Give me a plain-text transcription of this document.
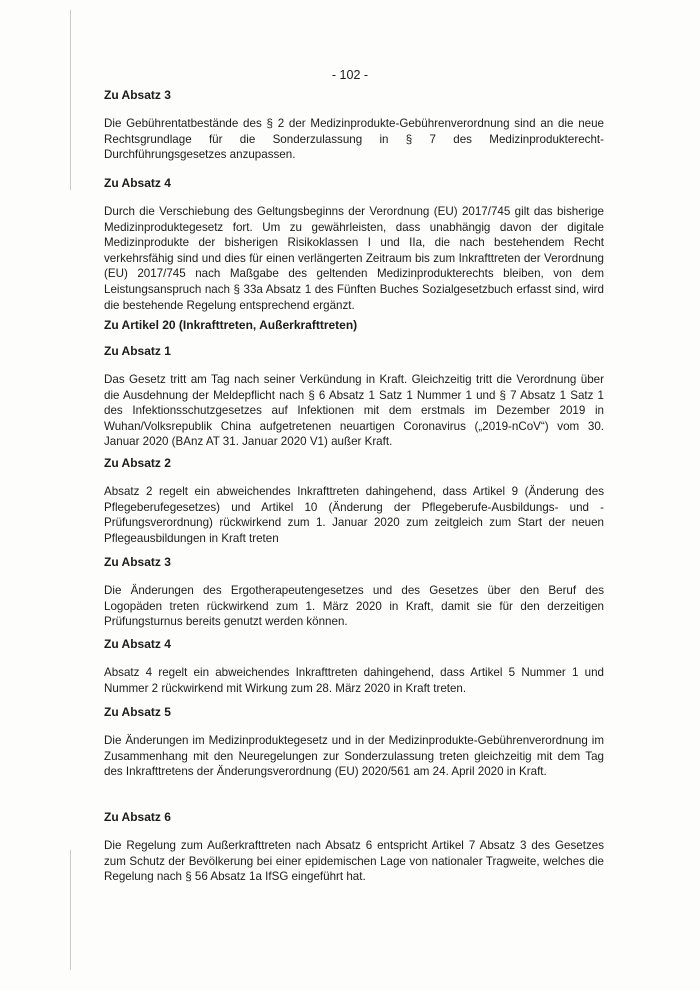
- 102 -
Zu Absatz 3

Die Gebührentatbestände des § 2 der Medizinprodukte-Gebührenverordnung sind an die neue Rechtsgrundlage für die Sonderzulassung in § 7 des Medizinprodukterecht-Durchführungsgesetzes anzupassen.

Zu Absatz 4

Durch die Verschiebung des Geltungsbeginns der Verordnung (EU) 2017/745 gilt das bisherige Medizinproduktegesetz fort. Um zu gewährleisten, dass unabhängig davon der digitale Medizinprodukte der bisherigen Risikoklassen I und IIa, die nach bestehendem Recht verkehrsfähig sind und dies für einen verlängerten Zeitraum bis zum Inkrafttreten der Verordnung (EU) 2017/745 nach Maßgabe des geltenden Medizinprodukterechts bleiben, von dem Leistungsanspruch nach § 33a Absatz 1 des Fünften Buches Sozialgesetzbuch erfasst sind, wird die bestehende Regelung entsprechend ergänzt.

Zu Artikel 20 (Inkrafttreten, Außerkrafttreten)
Zu Absatz 1

Das Gesetz tritt am Tag nach seiner Verkündung in Kraft. Gleichzeitig tritt die Verordnung über die Ausdehnung der Meldepflicht nach § 6 Absatz 1 Satz 1 Nummer 1 und § 7 Absatz 1 Satz 1 des Infektionsschutzgesetzes auf Infektionen mit dem erstmals im Dezember 2019 in Wuhan/Volksrepublik China aufgetretenen neuartigen Coronavirus („2019-nCoV“) vom 30. Januar 2020 (BAnz AT 31. Januar 2020 V1) außer Kraft.

Zu Absatz 2

Absatz 2 regelt ein abweichendes Inkrafttreten dahingehend, dass Artikel 9 (Änderung des Pflegeberufegesetzes) und Artikel 10 (Änderung der Pflegeberufe-Ausbildungs- und -Prüfungsverordnung) rückwirkend zum 1. Januar 2020 zum zeitgleich zum Start der neuen Pflegeausbildungen in Kraft treten

Zu Absatz 3

Die Änderungen des Ergotherapeutengesetzes und des Gesetzes über den Beruf des Logopäden treten rückwirkend zum 1. März 2020 in Kraft, damit sie für den derzeitigen Prüfungsturnus bereits genutzt werden können.

Zu Absatz 4

Absatz 4 regelt ein abweichendes Inkrafttreten dahingehend, dass Artikel 5 Nummer 1 und Nummer 2 rückwirkend mit Wirkung zum 28. März 2020 in Kraft treten.

Zu Absatz 5

Die Änderungen im Medizinproduktegesetz und in der Medizinprodukte-Gebührenverordnung im Zusammenhang mit den Neuregelungen zur Sonderzulassung treten gleichzeitig mit dem Tag des Inkrafttretens der Änderungsverordnung (EU) 2020/561 am 24. April 2020 in Kraft.

Zu Absatz 6

Die Regelung zum Außerkrafttreten nach Absatz 6 entspricht Artikel 7 Absatz 3 des Gesetzes zum Schutz der Bevölkerung bei einer epidemischen Lage von nationaler Tragweite, welches die Regelung nach § 56 Absatz 1a IfSG eingeführt hat.
